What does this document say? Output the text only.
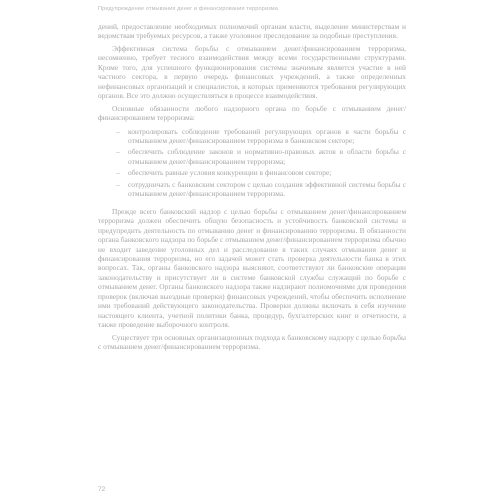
Предупреждение отмывания денег и финансирования терроризма

дений, предоставление необходимых полномочий органам власти, выделение министерствам и ведомствам требуемых ресурсов, а также уголовное преследование за подобные преступления.

Эффективная система борьбы с отмыванием денег/финансированием терроризма, несомненно, требует тесного взаимодействия между всеми государственными структурами. Кроме того, для успешного функционирования системы значимым является участие в ней частного сектора, в первую очередь финансовых учреждений, а также определенных нефинансовых организаций и специалистов, в которых применяются требования регулирующих органов. Все это должно осуществляться в процессе взаимодействия.

Основные обязанности любого надзорного органа по борьбе с отмыванием денег/финансированием терроризма:

– контролировать соблюдение требований регулирующих органов в части борьбы с отмыванием денег/финансированием терроризма в банковском секторе;
– обеспечить соблюдение законов и нормативно-правовых актов в области борьбы с отмыванием денег/финансированием терроризма;
– обеспечить равные условия конкуренции в финансовом секторе;
– сотрудничать с банковским сектором с целью создания эффективной системы борьбы с отмыванием денег/финансированием терроризма.

Прежде всего банковский надзор с целью борьбы с отмыванием денег/финансированием терроризма должен обеспечить общую безопасность и устойчивость банковской системы и предупредить деятельность по отмыванию денег и финансированию терроризма. В обязанности органа банковского надзора по борьбе с отмыванием денег/финансированием терроризма обычно не входит заведение уголовных дел и расследование в таких случаях отмывания денег и финансирования терроризма, но его задачей может стать проверка деятельности банка в этих вопросах. Так, органы банковского надзора выясняют, соответствуют ли банковские операции законодательству и присутствует ли в системе банковской службы служащий по борьбе с отмыванием денег. Органы банковского надзора также надзирают полномочиями для проведения проверок (включая выездные проверки) финансовых учреждений, чтобы обеспечить исполнение ими требований действующего законодательства. Проверки должны включать в себя изучение настоящего клиента, учетной политики банка, процедур, бухгалтерских книг и отчетности, а также проведение выборочного контроля.

Существует три основных организационных подхода к банковскому надзору с целью борьбы с отмыванием денег/финансированием терроризма.

72
